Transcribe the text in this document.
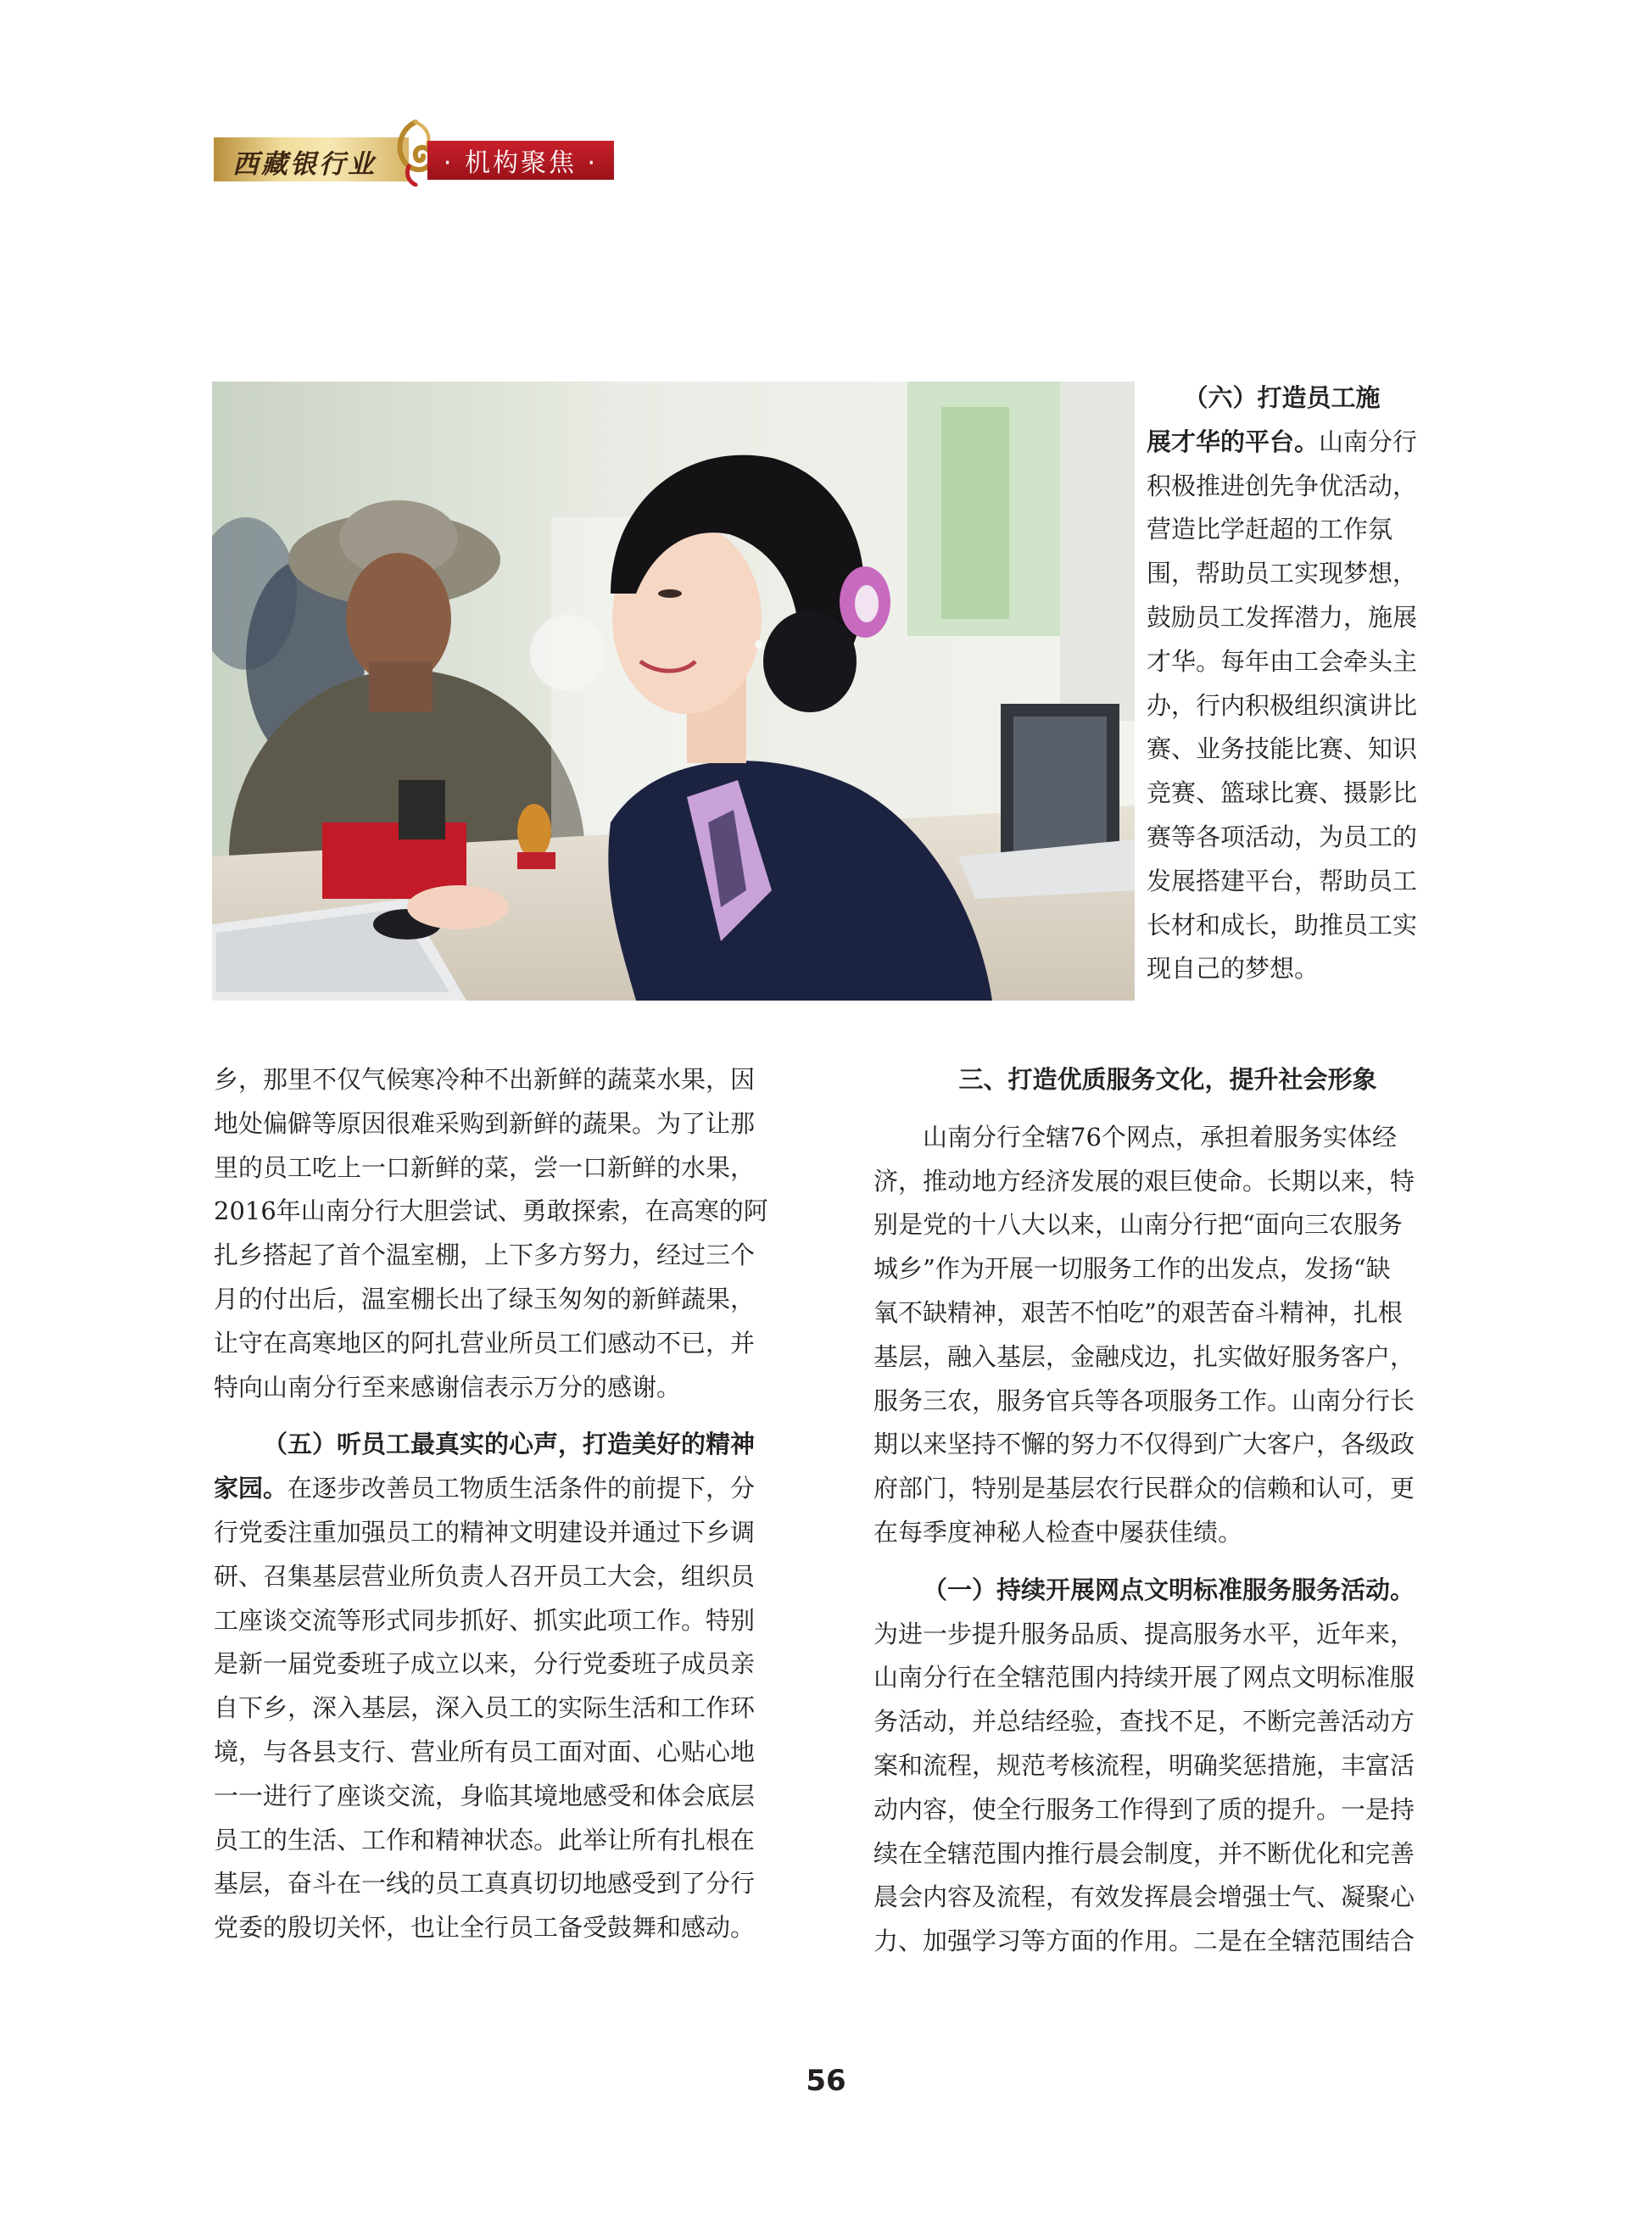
西藏银行业	· 机构聚焦 ·

（六）打造员工施

展才华的平台。山南分行

积极推进创先争优活动，

营造比学赶超的工作氛

围，帮助员工实现梦想，

鼓励员工发挥潜力，施展

才华。每年由工会牵头主

办，行内积极组织演讲比

赛、业务技能比赛、知识

竞赛、篮球比赛、摄影比

赛等各项活动，为员工的

发展搭建平台，帮助员工

长材和成长，助推员工实

现自己的梦想。

乡，那里不仅气候寒冷种不出新鲜的蔬菜水果，因

地处偏僻等原因很难采购到新鲜的蔬果。为了让那

里的员工吃上一口新鲜的菜，尝一口新鲜的水果，

2016年山南分行大胆尝试、勇敢探索，在高寒的阿

扎乡搭起了首个温室棚，上下多方努力，经过三个

月的付出后，温室棚长出了绿玉匆匆的新鲜蔬果，

让守在高寒地区的阿扎营业所员工们感动不已，并

特向山南分行至来感谢信表示万分的感谢。

（五）听员工最真实的心声，打造美好的精神

家园。在逐步改善员工物质生活条件的前提下，分

行党委注重加强员工的精神文明建设并通过下乡调

研、召集基层营业所负责人召开员工大会，组织员

工座谈交流等形式同步抓好、抓实此项工作。特别

是新一届党委班子成立以来，分行党委班子成员亲

自下乡，深入基层，深入员工的实际生活和工作环

境，与各县支行、营业所有员工面对面、心贴心地

一一进行了座谈交流，身临其境地感受和体会底层

员工的生活、工作和精神状态。此举让所有扎根在

基层，奋斗在一线的员工真真切切地感受到了分行

党委的殷切关怀，也让全行员工备受鼓舞和感动。

三、打造优质服务文化，提升社会形象

山南分行全辖76个网点，承担着服务实体经

济，推动地方经济发展的艰巨使命。长期以来，特

别是党的十八大以来，山南分行把“面向三农服务

城乡”作为开展一切服务工作的出发点，发扬“缺

氧不缺精神，艰苦不怕吃”的艰苦奋斗精神，扎根

基层，融入基层，金融戍边，扎实做好服务客户，

服务三农，服务官兵等各项服务工作。山南分行长

期以来坚持不懈的努力不仅得到广大客户，各级政

府部门，特别是基层农行民群众的信赖和认可，更

在每季度神秘人检查中屡获佳绩。

（一）持续开展网点文明标准服务服务活动。

为进一步提升服务品质、提高服务水平，近年来，

山南分行在全辖范围内持续开展了网点文明标准服

务活动，并总结经验，查找不足，不断完善活动方

案和流程，规范考核流程，明确奖惩措施，丰富活

动内容，使全行服务工作得到了质的提升。一是持

续在全辖范围内推行晨会制度，并不断优化和完善

晨会内容及流程，有效发挥晨会增强士气、凝聚心

力、加强学习等方面的作用。二是在全辖范围结合

56
